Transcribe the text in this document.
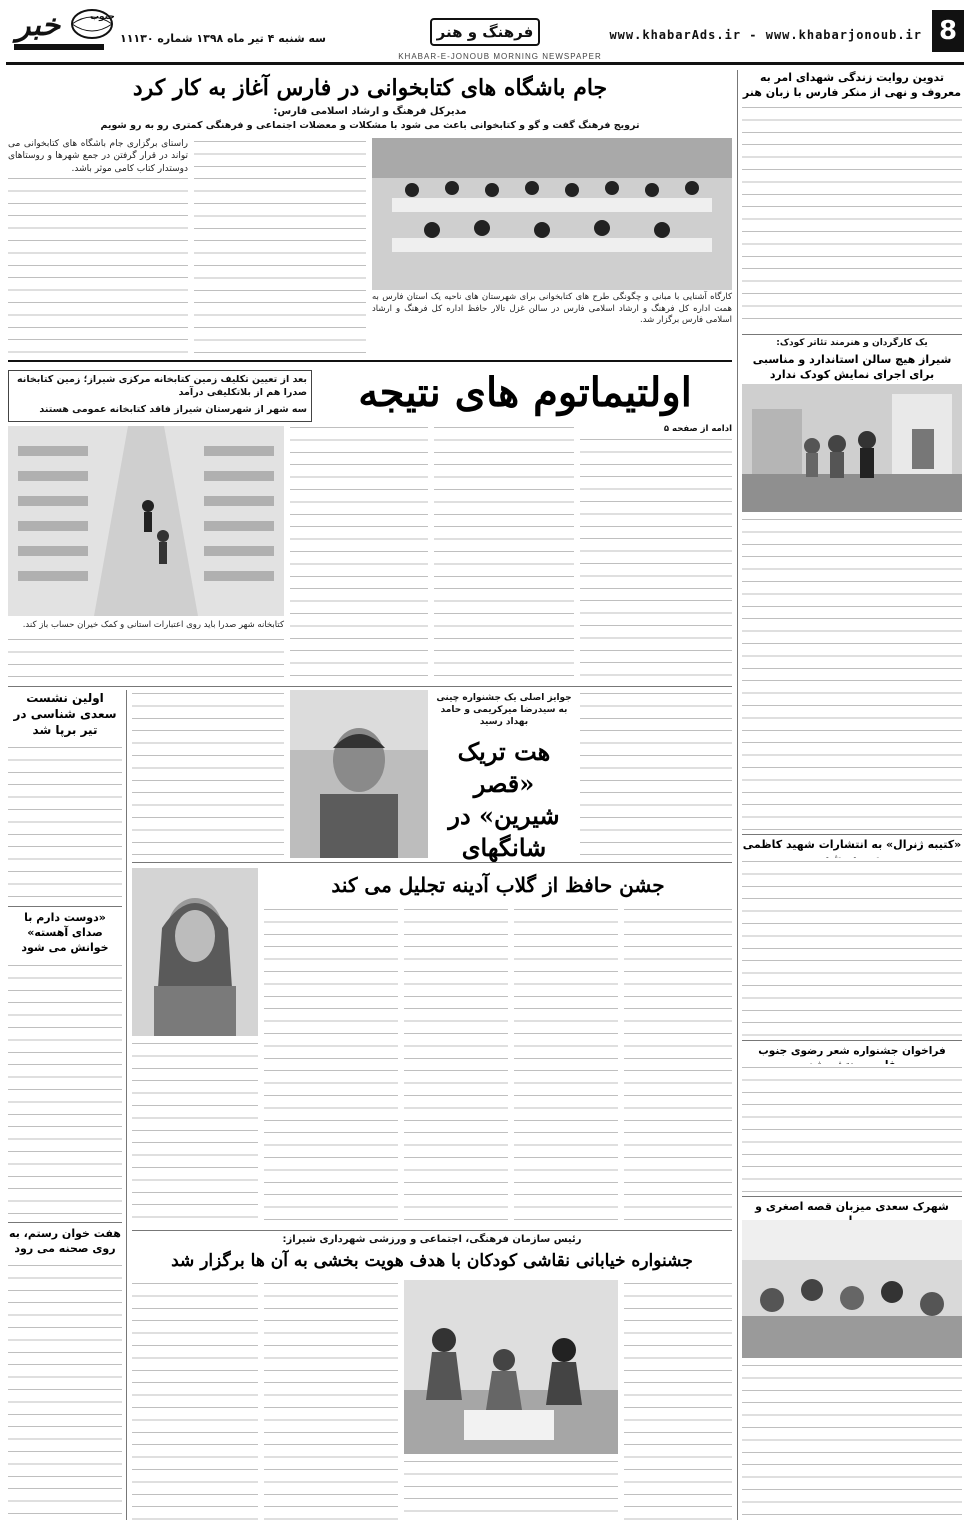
8
www.khabarAds.ir - www.khabarjonoub.ir
فرهنگ و هنر
سه شنبه ۴ تیر ماه ۱۳۹۸ شماره ۱۱۱۳۰
خبر	جنوب
KHABAR-E-JONOUB MORNING NEWSPAPER
تدوین روایت زندگی شهدای امر به معروف و نهی از منکر فارس با زبان هنر
یک کارگردان و هنرمند تئاتر کودک:
شیراز هیچ سالن استاندارد و مناسبی برای اجرای نمایش کودک ندارد
«کتیبه ژنرال» به انتشارات شهید کاظمی
فراخوان جشنواره شعر رضوی جنوب
شهرک سعدی میزبان قصه اصغری و
جام باشگاه های کتابخوانی در فارس آغاز به کار کرد
مدیرکل فرهنگ و ارشاد اسلامی فارس:
ترویج فرهنگ گفت و گو و کتابخوانی باعث می شود با مشکلات و معضلات اجتماعی و فرهنگی کمتری رو به رو شویم
کارگاه آشنایی با مبانی و چگونگی طرح های کتابخوانی برای شهرستان های ناحیه یک استان فارس به همت اداره کل فرهنگ و ارشاد اسلامی فارس در سالن غزل تالار حافظ اداره کل فرهنگ و ارشاد اسلامی فارس برگزار شد.
راستای برگزاری جام باشگاه های کتابخوانی می تواند در قرار گرفتن در جمع شهرها و روستاهای دوستدار کتاب کامی موثر باشد.
اولتیماتوم های نتیجه
بعد از تعیین تکلیف زمین کتابخانه مرکزی شیراز؛ زمین کتابخانه صدرا هم از بلاتکلیفی درآمد
سه شهر از شهرستان شیراز فاقد کتابخانه عمومی هستند
ادامه از صفحه ۵
کتابخانه شهر صدرا باید روی اعتبارات استانی و کمک خیران حساب باز کند.
اولین نشست سعدی شناسی در تیر برپا شد
«دوست دارم با صدای آهسته» خوانش می شود
هفت خوان رستم، به روی صحنه می رود
جوایز اصلی یک جشنواره چینی به سیدرضا میرکریمی و حامد بهداد رسید
هت تریک «قصر شیرین» در شانگهای
جشن حافظ از گلاب آدینه تجلیل می کند
رئیس سازمان فرهنگی، اجتماعی و ورزشی شهرداری شیراز:
جشنواره خیابانی نقاشی کودکان با هدف هویت بخشی به آن ها برگزار شد
